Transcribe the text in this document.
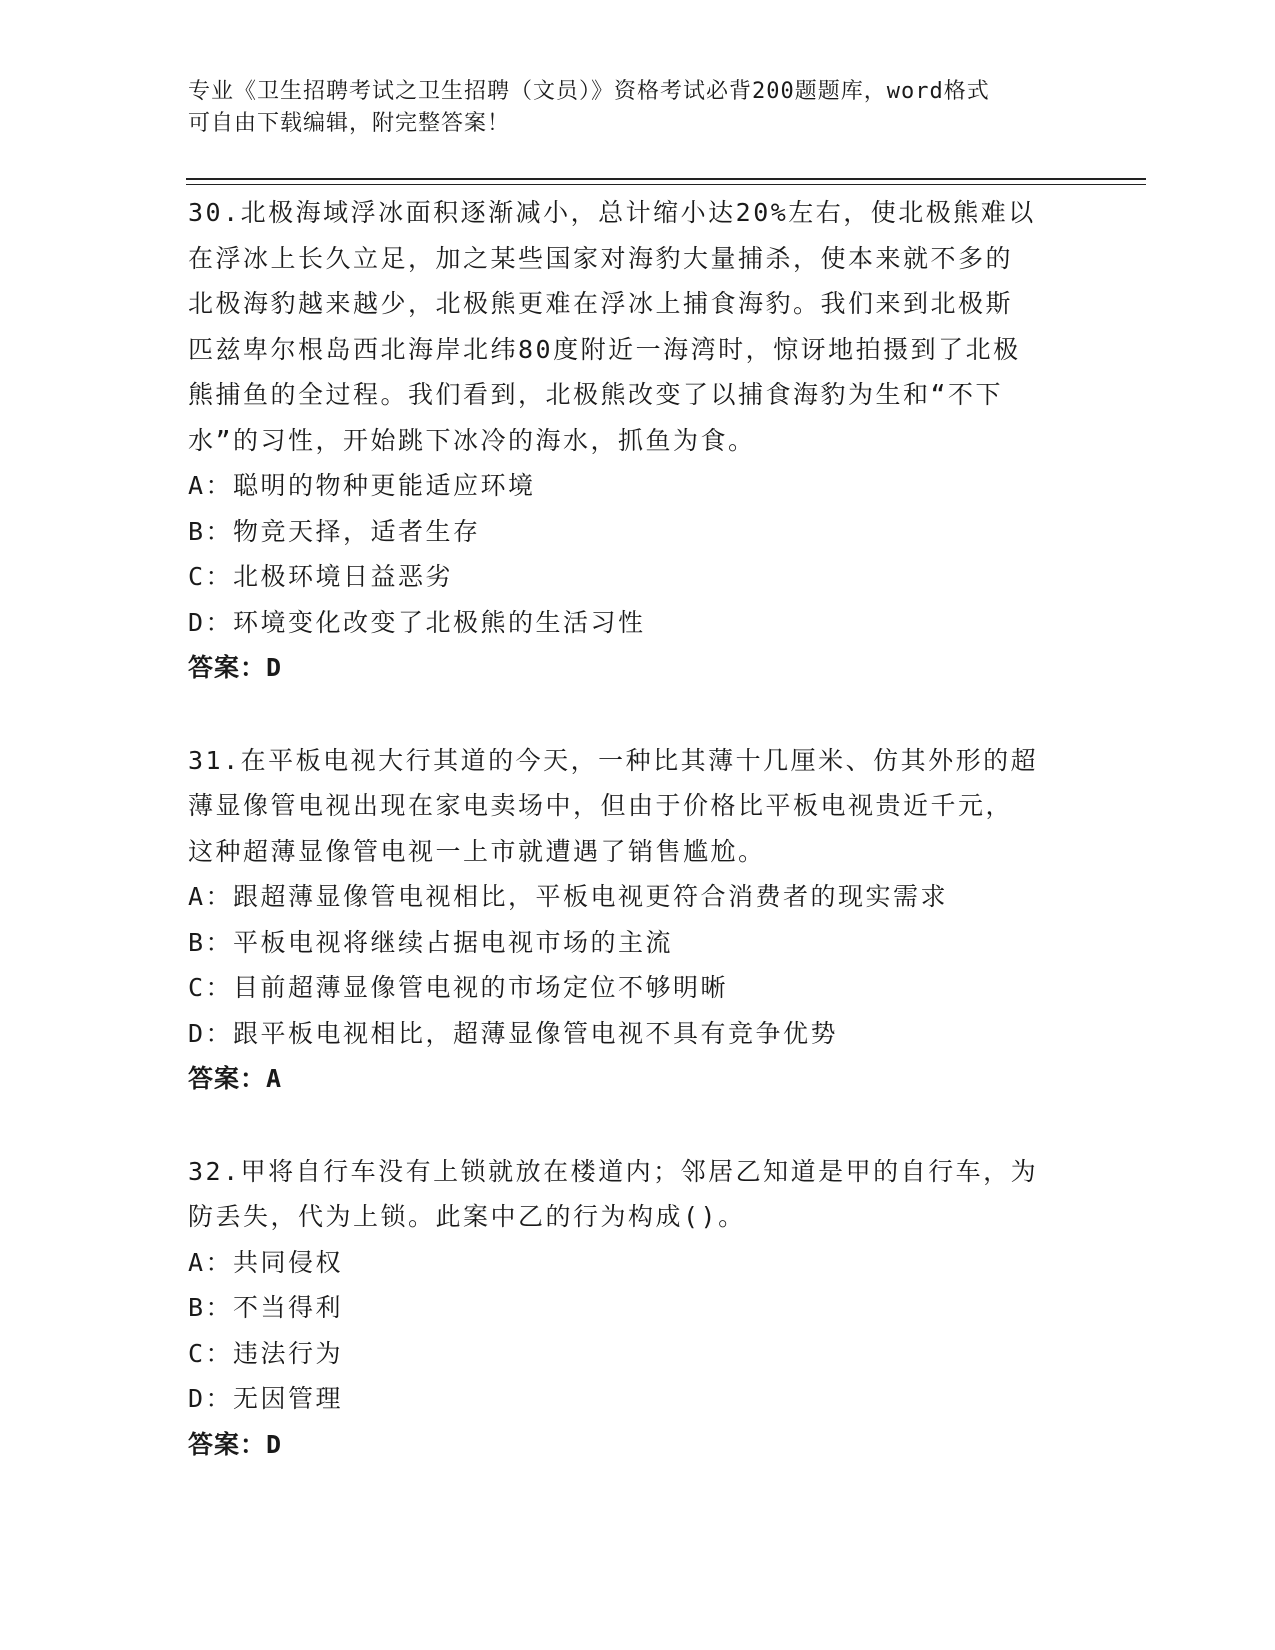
专业《卫生招聘考试之卫生招聘（文员）》资格考试必背200题题库，word格式
可自由下载编辑，附完整答案！

30.北极海域浮冰面积逐渐减小，总计缩小达20%左右，使北极熊难以

在浮冰上长久立足，加之某些国家对海豹大量捕杀，使本来就不多的

北极海豹越来越少，北极熊更难在浮冰上捕食海豹。我们来到北极斯

匹兹卑尔根岛西北海岸北纬80度附近一海湾时，惊讶地拍摄到了北极

熊捕鱼的全过程。我们看到，北极熊改变了以捕食海豹为生和“不下

水”的习性，开始跳下冰冷的海水，抓鱼为食。

A：聪明的物种更能适应环境

B：物竞天择，适者生存

C：北极环境日益恶劣

D：环境变化改变了北极熊的生活习性

答案：D

31.在平板电视大行其道的今天，一种比其薄十几厘米、仿其外形的超

薄显像管电视出现在家电卖场中，但由于价格比平板电视贵近千元，

这种超薄显像管电视一上市就遭遇了销售尴尬。

A：跟超薄显像管电视相比，平板电视更符合消费者的现实需求

B：平板电视将继续占据电视市场的主流

C：目前超薄显像管电视的市场定位不够明晰

D：跟平板电视相比，超薄显像管电视不具有竞争优势

答案：A

32.甲将自行车没有上锁就放在楼道内；邻居乙知道是甲的自行车，为

防丢失，代为上锁。此案中乙的行为构成()。

A：共同侵权

B：不当得利

C：违法行为

D：无因管理

答案：D
